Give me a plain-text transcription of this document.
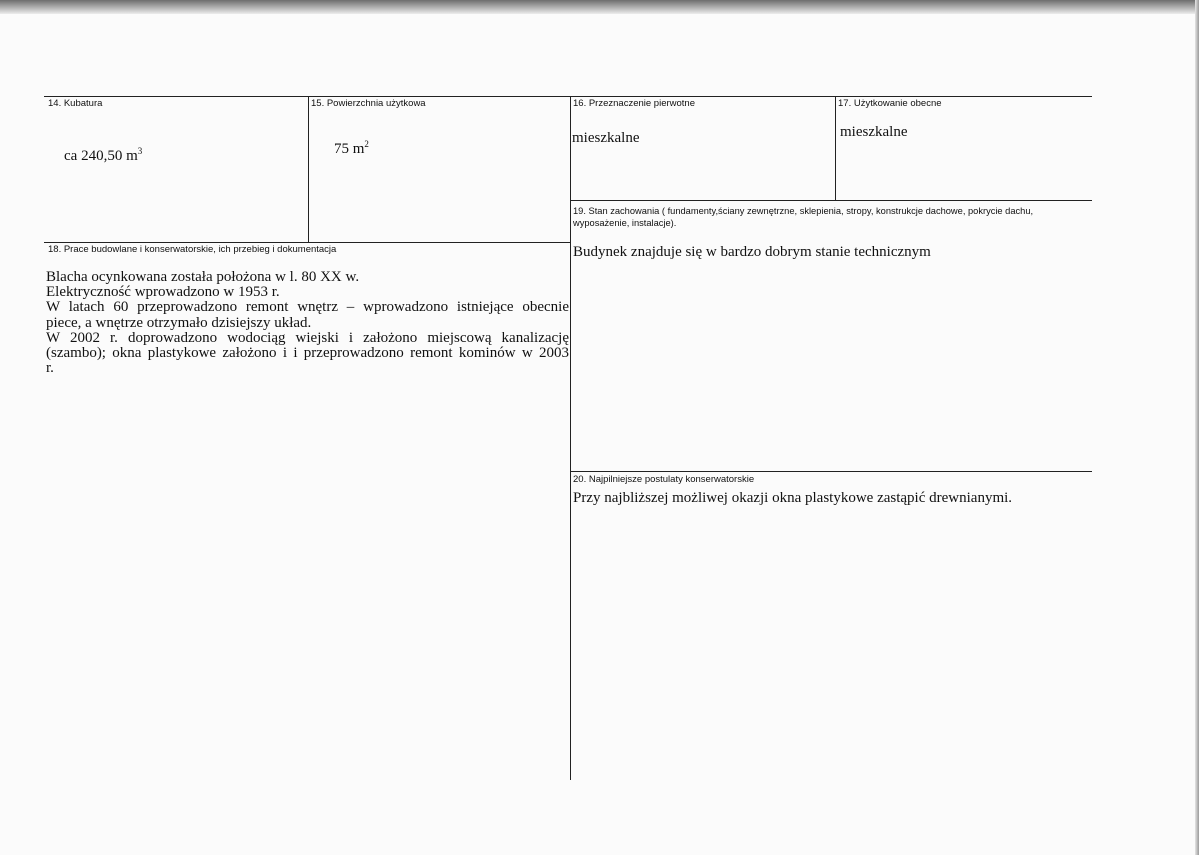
14. Kubatura
ca 240,50 $m^3$
15. Powierzchnia użytkowa
75 $m^2$
16. Przeznaczenie pierwotne
mieszkalne
17. Użytkowanie obecne
mieszkalne
19. Stan zachowania ( fundamenty,ściany zewnętrzne, sklepienia, stropy, konstrukcje dachowe, pokrycie dachu,
wyposażenie, instalacje).
Budynek znajduje się w bardzo dobrym stanie technicznym
18. Prace budowlane i konserwatorskie, ich przebieg i dokumentacja
Blacha ocynkowana została położona w l. 80 XX w.
Elektryczność wprowadzono w 1953 r.
W latach 60 przeprowadzono remont wnętrz – wprowadzono istniejące obecnie
piece, a wnętrze otrzymało dzisiejszy układ.
W 2002 r. doprowadzono wodociąg wiejski i założono miejscową kanalizację
(szambo); okna plastykowe założono i i przeprowadzono remont kominów w 2003
r.
20. Najpilniejsze postulaty konserwatorskie
Przy najbliższej możliwej okazji okna plastykowe zastąpić drewnianymi.
